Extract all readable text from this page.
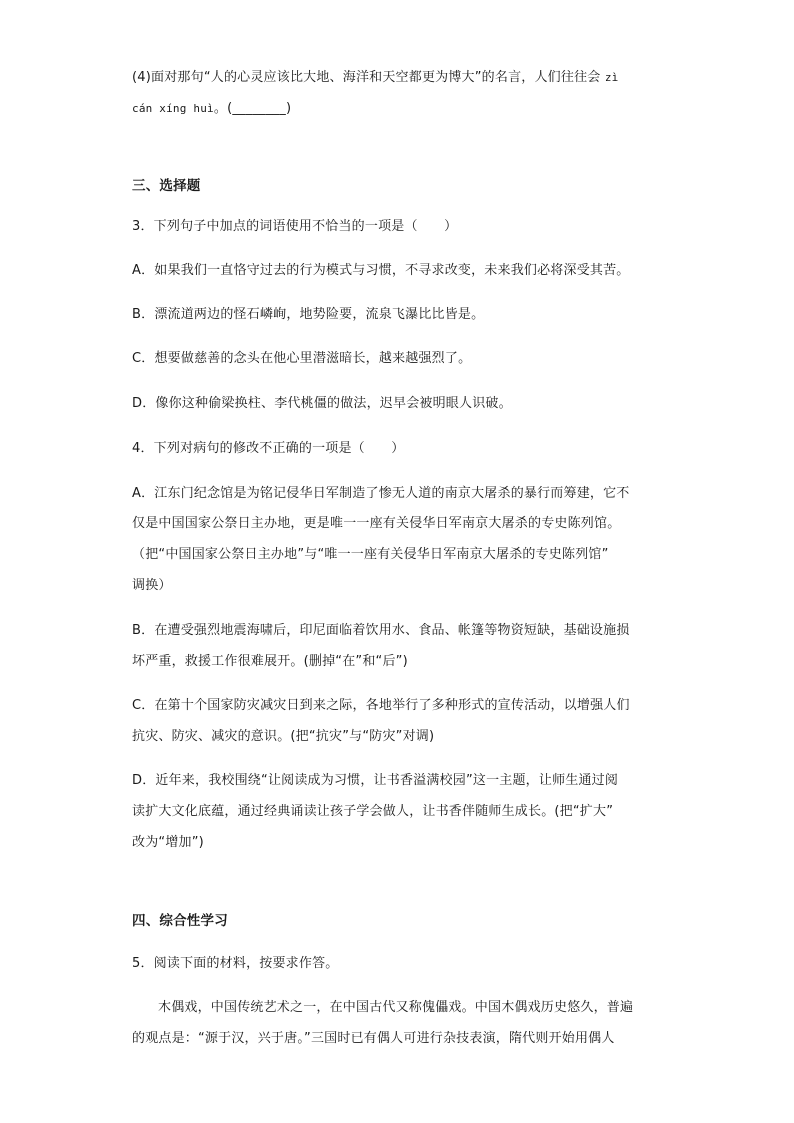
(4)面对那句“人的心灵应该比大地、海洋和天空都更为博大”的名言，人们往往会 zì
cán xíng huì。(________)
三、选择题
3．下列句子中加点的词语使用不恰当的一项是（　　）
A．如果我们一直恪守过去的行为模式与习惯，不寻求改变，未来我们必将深受其苦。
B．漂流道两边的怪石嶙峋，地势险要，流泉飞瀑比比皆是。
C．想要做慈善的念头在他心里潜滋暗长，越来越强烈了。
D．像你这种偷梁换柱、李代桃僵的做法，迟早会被明眼人识破。
4．下列对病句的修改不正确的一项是（　　）
A．江东门纪念馆是为铭记侵华日军制造了惨无人道的南京大屠杀的暴行而筹建，它不
仅是中国国家公祭日主办地，更是唯一一座有关侵华日军南京大屠杀的专史陈列馆。
（把“中国国家公祭日主办地”与“唯一一座有关侵华日军南京大屠杀的专史陈列馆”
调换）
B．在遭受强烈地震海啸后，印尼面临着饮用水、食品、帐篷等物资短缺，基础设施损
坏严重，救援工作很难展开。(删掉“在”和“后”)
C．在第十个国家防灾减灾日到来之际，各地举行了多种形式的宣传活动，以增强人们
抗灾、防灾、减灾的意识。(把“抗灾”与“防灾”对调)
D．近年来，我校围绕“让阅读成为习惯，让书香溢满校园”这一主题，让师生通过阅
读扩大文化底蕴，通过经典诵读让孩子学会做人，让书香伴随师生成长。(把“扩大”
改为“增加”)
四、综合性学习
5．阅读下面的材料，按要求作答。
木偶戏，中国传统艺术之一，在中国古代又称傀儡戏。中国木偶戏历史悠久，普遍
的观点是：“源于汉，兴于唐。”三国时已有偶人可进行杂技表演，隋代则开始用偶人
